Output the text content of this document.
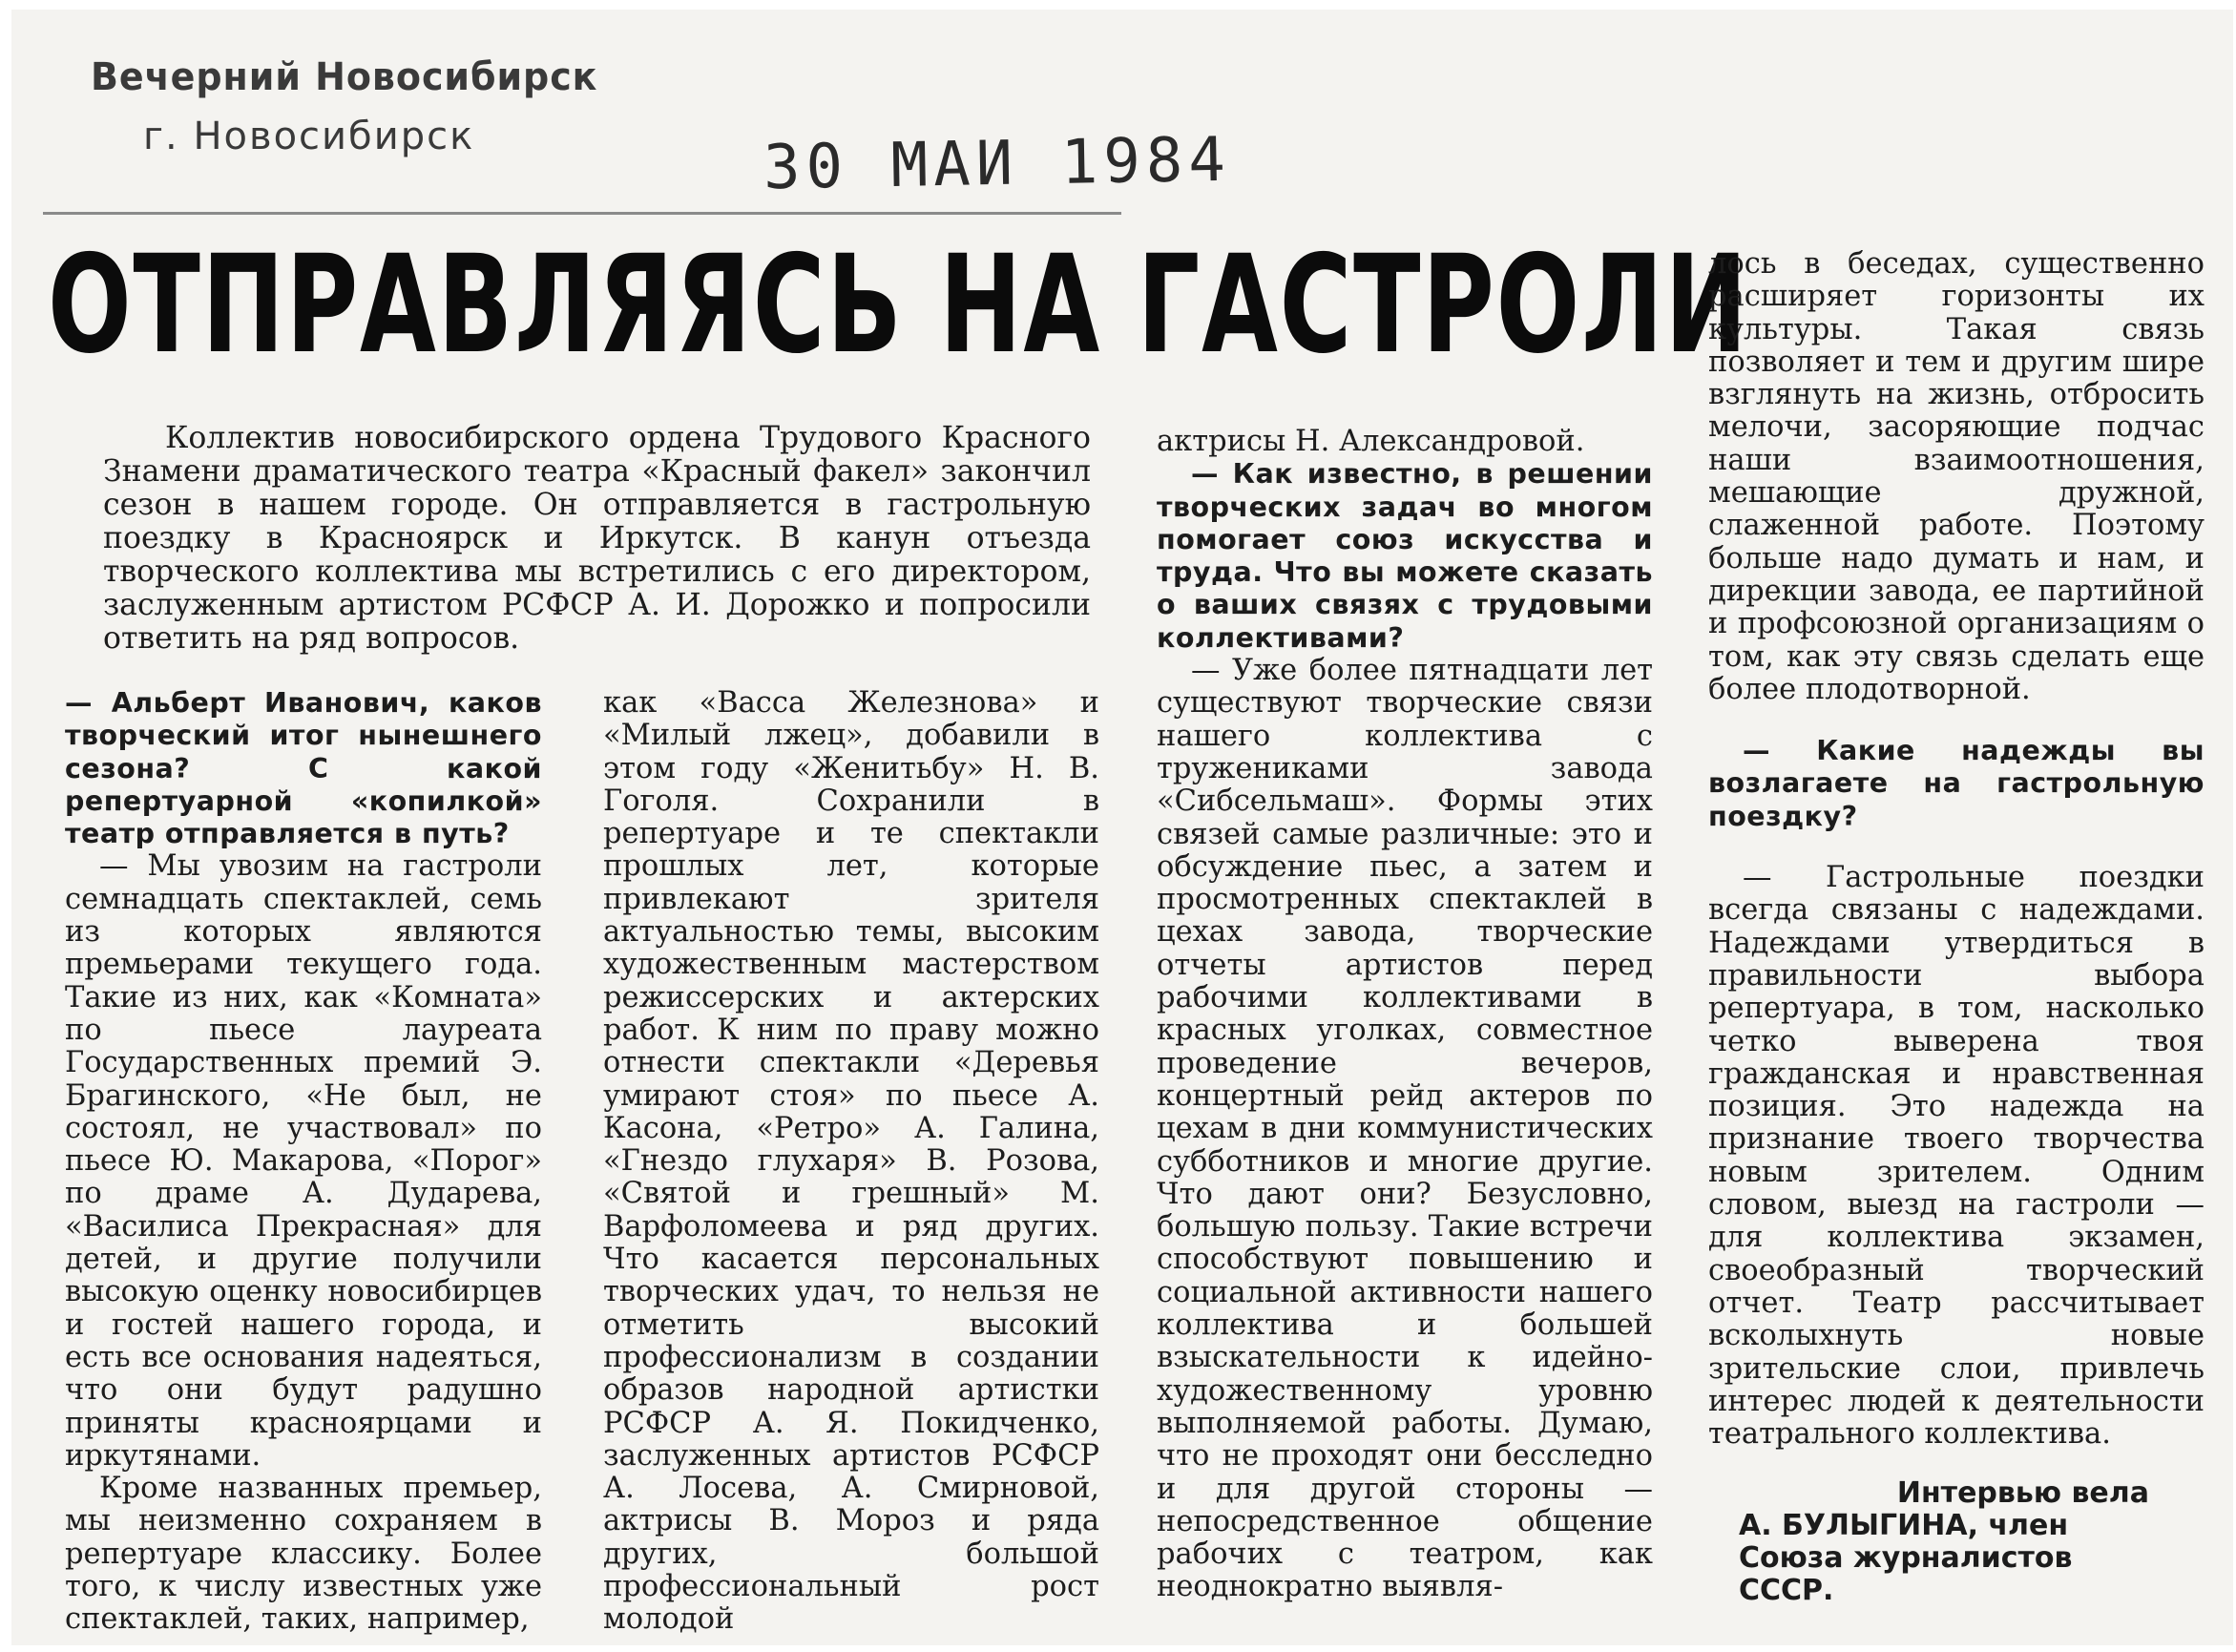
Вечерний Новосибирск
г. Новосибирск	30 МАИ 1984
ОТПРАВЛЯЯСЬ НА ГАСТРОЛИ
Коллектив новосибирского ордена Трудового Красного Знамени драматического театра «Красный факел» закончил сезон в нашем городе. Он отправляется в гастрольную поездку в Красноярск и Иркутск. В канун отъезда творческого коллектива мы встретились с его директором, заслуженным артистом РСФСР А. И. Дорожко и попросили ответить на ряд вопросов.

— Альберт Иванович, каков творческий итог нынешнего сезона? С какой репертуарной «копилкой» театр отправляется в путь?

— Мы увозим на гастроли семнадцать спектаклей, семь из которых являются премьерами текущего года. Такие из них, как «Комната» по пьесе лауреата Государственных премий Э. Брагинского, «Не был, не состоял, не участвовал» по пьесе Ю. Макарова, «Порог» по драме А. Дударева, «Василиса Прекрасная» для детей, и другие получили высокую оценку новосибирцев и гостей нашего города, и есть все основания надеяться, что они будут радушно приняты красноярцами и иркутянами.

Кроме названных премьер, мы неизменно сохраняем в репертуаре классику. Более того, к числу известных уже спектаклей, таких, например,

как «Васса Железнова» и «Милый лжец», добавили в этом году «Женитьбу» Н. В. Гоголя. Сохранили в репертуаре и те спектакли прошлых лет, которые привлекают зрителя актуальностью темы, высоким художественным мастерством режиссерских и актерских работ. К ним по праву можно отнести спектакли «Деревья умирают стоя» по пьесе А. Касона, «Ретро» А. Галина, «Гнездо глухаря» В. Розова, «Святой и грешный» М. Варфоломеева и ряд других. Что касается персональных творческих удач, то нельзя не отметить высокий профессионализм в создании образов народной артистки РСФСР А. Я. Покидченко, заслуженных артистов РСФСР А. Лосева, А. Смирновой, актрисы В. Мороз и ряда других, большой профессиональный рост молодой

актрисы Н. Александровой.

— Как известно, в решении творческих задач во многом помогает союз искусства и труда. Что вы можете сказать о ваших связях с трудовыми коллективами?

— Уже более пятнадцати лет существуют творческие связи нашего коллектива с тружениками завода «Сибсельмаш». Формы этих связей самые различные: это и обсуждение пьес, а затем и просмотренных спектаклей в цехах завода, творческие отчеты артистов перед рабочими коллективами в красных уголках, совместное проведение вечеров, концертный рейд актеров по цехам в дни коммунистических субботников и многие другие. Что дают они? Безусловно, большую пользу. Такие встречи способствуют повышению и социальной активности нашего коллектива и большей взыскательности к идейно-художественному уровню выполняемой работы. Думаю, что не проходят они бесследно и для другой стороны — непосредственное общение рабочих с театром, как неоднократно выявля-

лось в беседах, существенно расширяет горизонты их культуры. Такая связь позволяет и тем и другим шире взглянуть на жизнь, отбросить мелочи, засоряющие подчас наши взаимоотношения, мешающие дружной, слаженной работе. Поэтому больше надо думать и нам, и дирекции завода, ее партийной и профсоюзной организациям о том, как эту связь сделать еще более плодотворной.

— Какие надежды вы возлагаете на гастрольную поездку?

— Гастрольные поездки всегда связаны с надеждами. Надеждами утвердиться в правильности выбора репертуара, в том, насколько четко выверена твоя гражданская и нравственная позиция. Это надежда на признание твоего творчества новым зрителем. Одним словом, выезд на гастроли — для коллектива экзамен, своеобразный творческий отчет. Театр рассчитывает всколыхнуть новые зрительские слои, привлечь интерес людей к деятельности театрального коллектива.

Интервью вела
А. БУЛЫГИНА, член
Союза журналистов
СССР.
